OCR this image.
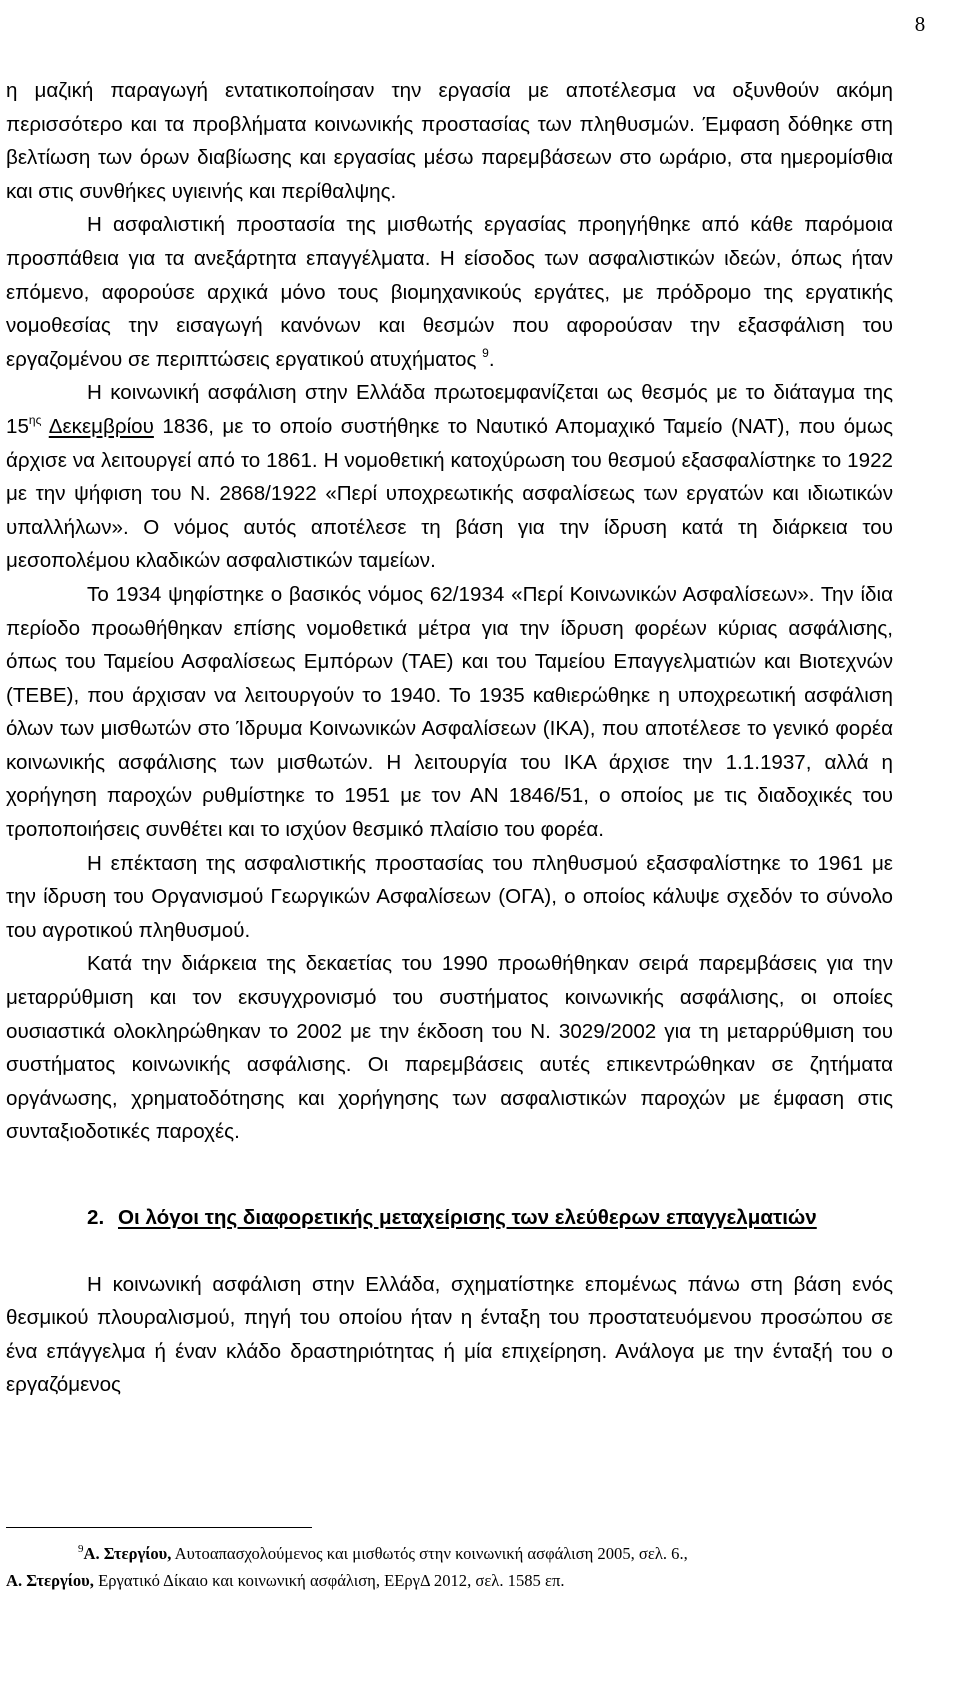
8

η μαζική παραγωγή εντατικοποίησαν την εργασία με αποτέλεσμα να οξυνθούν ακόμη περισσότερο και τα προβλήματα κοινωνικής προστασίας των πληθυσμών. Έμφαση δόθηκε στη βελτίωση των όρων διαβίωσης και εργασίας μέσω παρεμβάσεων στο ωράριο, στα ημερομίσθια και στις συνθήκες υγιεινής και περίθαλψης.

Η ασφαλιστική προστασία της μισθωτής εργασίας προηγήθηκε από κάθε παρόμοια προσπάθεια για τα ανεξάρτητα επαγγέλματα. Η είσοδος των ασφαλιστικών ιδεών, όπως ήταν επόμενο, αφορούσε αρχικά μόνο τους βιομηχανικούς εργάτες, με πρόδρομο της εργατικής νομοθεσίας την εισαγωγή κανόνων και θεσμών που αφορούσαν την εξασφάλιση του εργαζομένου σε περιπτώσεις εργατικού ατυχήματος $^9$.

Η κοινωνική ασφάλιση στην Ελλάδα πρωτοεμφανίζεται ως θεσμός με το διάταγμα της $15^{\eta\varsigma}$ Δεκεμβρίου 1836, με το οποίο συστήθηκε το Ναυτικό Απομαχικό Ταμείο (ΝΑΤ), που όμως άρχισε να λειτουργεί από το 1861. Η νομοθετική κατοχύρωση του θεσμού εξασφαλίστηκε το 1922 με την ψήφιση του Ν. 2868/1922 «Περί υποχρεωτικής ασφαλίσεως των εργατών και ιδιωτικών υπαλλήλων». Ο νόμος αυτός αποτέλεσε τη βάση για την ίδρυση κατά τη διάρκεια του μεσοπολέμου κλαδικών ασφαλιστικών ταμείων.

Το 1934 ψηφίστηκε ο βασικός νόμος 62/1934 «Περί Κοινωνικών Ασφαλίσεων». Την ίδια περίοδο προωθήθηκαν επίσης νομοθετικά μέτρα για την ίδρυση φορέων κύριας ασφάλισης, όπως του Ταμείου Ασφαλίσεως Εμπόρων (ΤΑΕ) και του Ταμείου Επαγγελματιών και Βιοτεχνών (ΤΕΒΕ), που άρχισαν να λειτουργούν το 1940. Το 1935 καθιερώθηκε η υποχρεωτική ασφάλιση όλων των μισθωτών στο Ίδρυμα Κοινωνικών Ασφαλίσεων (ΙΚΑ), που αποτέλεσε το γενικό φορέα κοινωνικής ασφάλισης των μισθωτών. Η λειτουργία του ΙΚΑ άρχισε την 1.1.1937, αλλά η χορήγηση παροχών ρυθμίστηκε το 1951 με τον ΑΝ 1846/51, ο οποίος με τις διαδοχικές του τροποποιήσεις συνθέτει και το ισχύον θεσμικό πλαίσιο του φορέα.

Η επέκταση της ασφαλιστικής προστασίας του πληθυσμού εξασφαλίστηκε το 1961 με την ίδρυση του Οργανισμού Γεωργικών Ασφαλίσεων (ΟΓΑ), ο οποίος κάλυψε σχεδόν το σύνολο του αγροτικού πληθυσμού.

Κατά την διάρκεια της δεκαετίας του 1990 προωθήθηκαν σειρά παρεμβάσεις για την μεταρρύθμιση και τον εκσυγχρονισμό του συστήματος κοινωνικής ασφάλισης, οι οποίες ουσιαστικά ολοκληρώθηκαν το 2002 με την έκδοση του Ν. 3029/2002 για τη μεταρρύθμιση του συστήματος κοινωνικής ασφάλισης. Οι παρεμβάσεις αυτές επικεντρώθηκαν σε ζητήματα οργάνωσης, χρηματοδότησης και χορήγησης των ασφαλιστικών παροχών με έμφαση στις συνταξιοδοτικές παροχές.

2. Οι λόγοι της διαφορετικής μεταχείρισης των ελεύθερων επαγγελματιών

Η κοινωνική ασφάλιση στην Ελλάδα, σχηματίστηκε επομένως πάνω στη βάση ενός θεσμικού πλουραλισμού, πηγή του οποίου ήταν η ένταξη του προστατευόμενου προσώπου σε ένα επάγγελμα ή έναν κλάδο δραστηριότητας ή μία επιχείρηση. Ανάλογα με την ένταξή του ο εργαζόμενος

$^9$Α. Στεργίου, Αυτοαπασχολούμενος και μισθωτός στην κοινωνική ασφάλιση 2005, σελ. 6.,

Α. Στεργίου, Εργατικό Δίκαιο και κοινωνική ασφάλιση, ΕΕργΔ 2012, σελ. 1585 επ.
